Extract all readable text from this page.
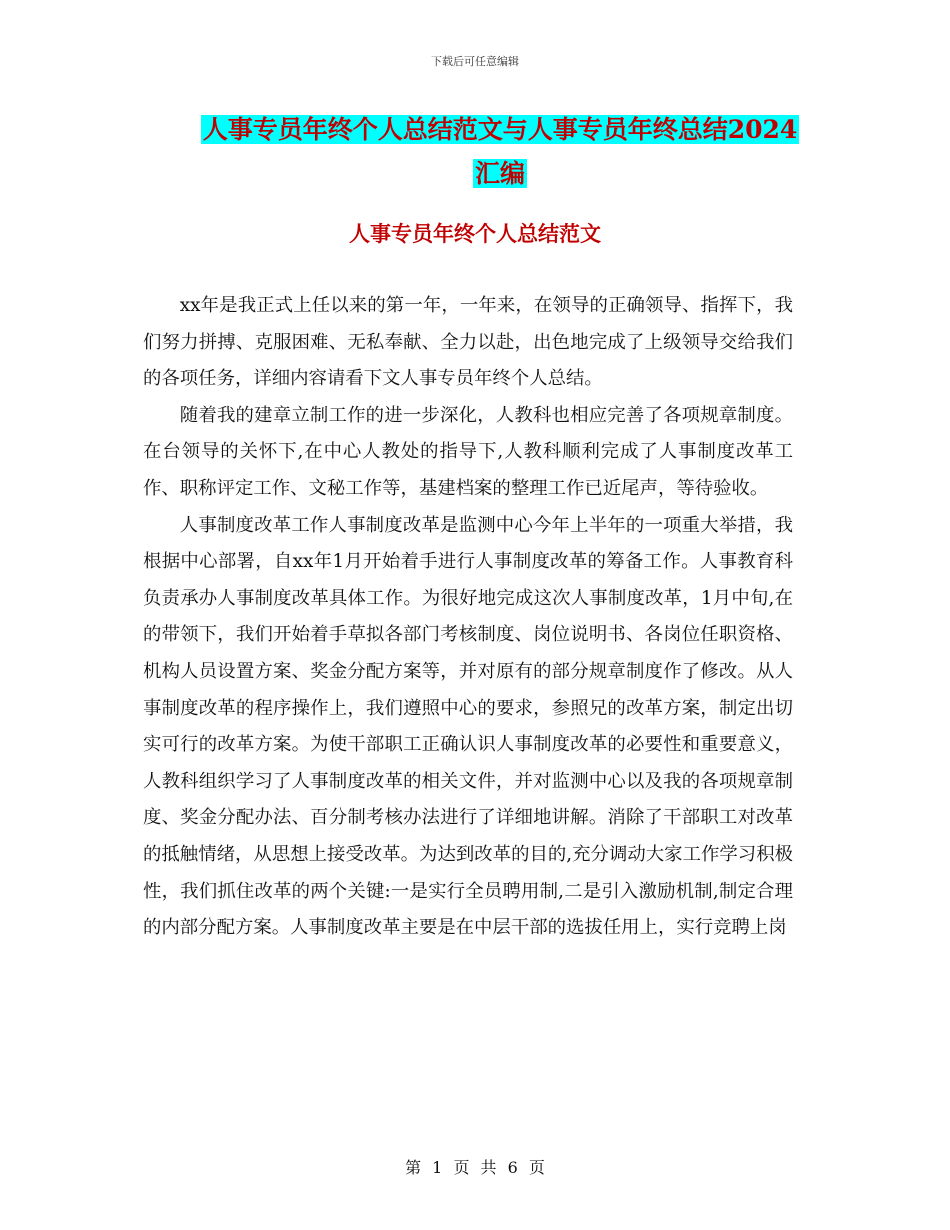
下载后可任意编辑
人事专员年终个人总结范文与人事专员年终总结2024
汇编
人事专员年终个人总结范文

xx年是我正式上任以来的第一年，一年来，在领导的正确领导、指挥下，我们努力拼搏、克服困难、无私奉献、全力以赴，出色地完成了上级领导交给我们的各项任务，详细内容请看下文人事专员年终个人总结。

随着我的建章立制工作的进一步深化，人教科也相应完善了各项规章制度。在台领导的关怀下,在中心人教处的指导下,人教科顺利完成了人事制度改革工作、职称评定工作、文秘工作等，基建档案的整理工作已近尾声，等待验收。

人事制度改革工作人事制度改革是监测中心今年上半年的一项重大举措，我根据中心部署，自xx年1月开始着手进行人事制度改革的筹备工作。人事教育科负责承办人事制度改革具体工作。为很好地完成这次人事制度改革，1月中旬,在的带领下，我们开始着手草拟各部门考核制度、岗位说明书、各岗位任职资格、机构人员设置方案、奖金分配方案等，并对原有的部分规章制度作了修改。从人事制度改革的程序操作上，我们遵照中心的要求，参照兄的改革方案，制定出切实可行的改革方案。为使干部职工正确认识人事制度改革的必要性和重要意义，人教科组织学习了人事制度改革的相关文件，并对监测中心以及我的各项规章制度、奖金分配办法、百分制考核办法进行了详细地讲解。消除了干部职工对改革的抵触情绪，从思想上接受改革。为达到改革的目的,充分调动大家工作学习积极性，我们抓住改革的两个关键:一是实行全员聘用制,二是引入激励机制,制定合理的内部分配方案。人事制度改革主要是在中层干部的选拔任用上，实行竞聘上岗

第 1 页 共 6 页
